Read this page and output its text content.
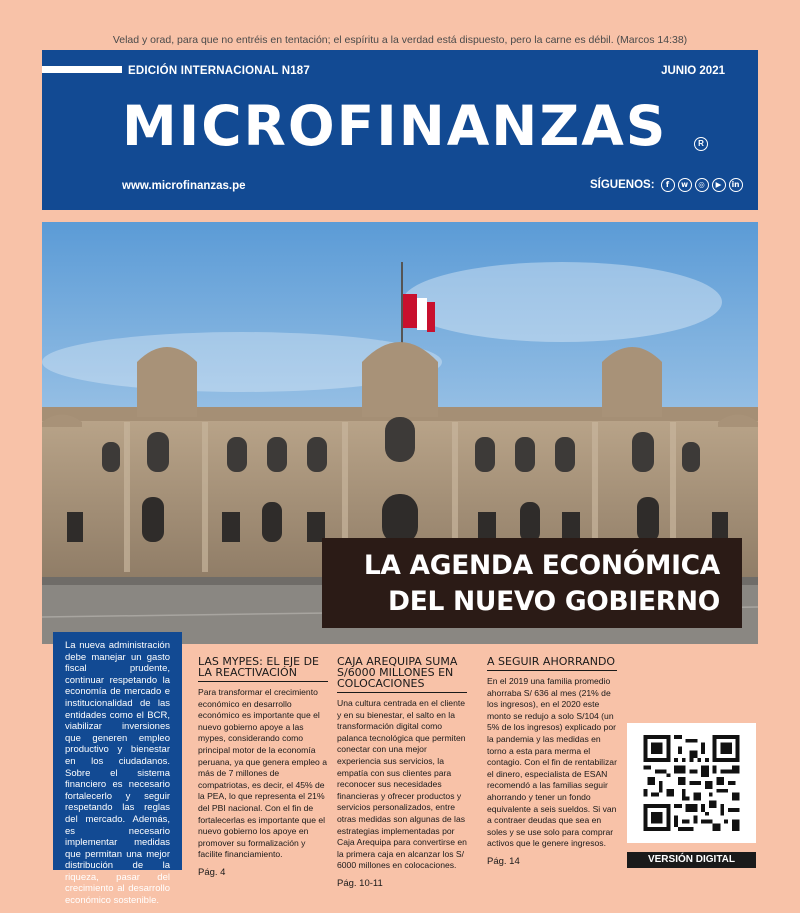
Velad y orad, para que no entréis en tentación; el espíritu a la verdad está dispuesto, pero la carne es débil. (Marcos 14:38)
EDICIÓN INTERNACIONAL N187	JUNIO 2021
MICROFINANZAS	R
www.microfinanzas.pe	SÍGUENOS:	f	w	◎	▶	in
LA AGENDA ECONÓMICA
DEL NUEVO GOBIERNO
La nueva administración debe manejar un gasto fiscal prudente, continuar respetando la economía de mercado e institucionalidad de las entidades como el BCR, viabilizar inversiones que generen empleo productivo y bienestar en los ciudadanos. Sobre el sistema financiero es necesario fortalecerlo y seguir respetando las reglas del mercado. Además, es necesario implementar medidas que permitan una mejor distribución de la riqueza, pasar del crecimiento al desarrollo económico sostenible.
LAS MYPES: EL EJE DE LA REACTIVACIÓN

Para transformar el crecimiento económico en desarrollo económico es importante que el nuevo gobierno apoye a las mypes, considerando como principal motor de la economía peruana, ya que genera empleo a más de 7 millones de compatriotas, es decir, el 45% de la PEA, lo que representa el 21% del PBI nacional. Con el fin de fortalecerlas es importante que el nuevo gobierno los apoye en promover su formalización y facilite financiamiento.

Pág. 4

CAJA AREQUIPA SUMA S/6000 MILLONES EN COLOCACIONES

Una cultura centrada en el cliente y en su bienestar, el salto en la transformación digital como palanca tecnológica que permiten conectar con una mejor experiencia sus servicios, la empatía con sus clientes para reconocer sus necesidades financieras y ofrecer productos y servicios personalizados, entre otras medidas son algunas de las estrategias implementadas por Caja Arequipa para convertirse en la primera caja en alcanzar los S/ 6000 millones en colocaciones.

Pág. 10-11

A SEGUIR AHORRANDO

En el 2019 una familia promedio ahorraba S/ 636 al mes (21% de los ingresos), en el 2020 este monto se redujo a solo S/104 (un 5% de los ingresos) explicado por la pandemia y las medidas en torno a esta para merma el contagio. Con el fin de rentabilizar el dinero, especialista de ESAN recomendó a las familias seguir ahorrando y tener un fondo equivalente a seis sueldos. Si van a contraer deudas que sea en soles y se use solo para comprar activos que le genere ingresos.

Pág. 14	VERSIÓN DIGITAL
